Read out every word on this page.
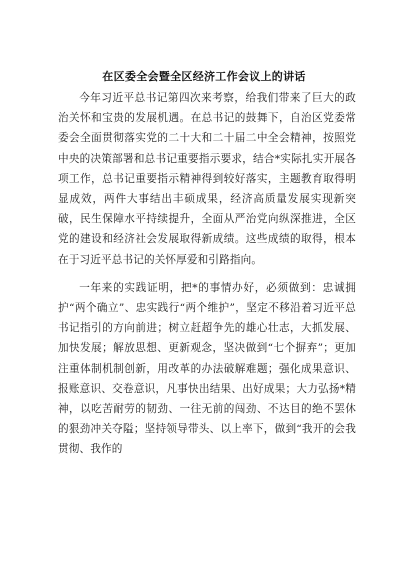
在区委全会暨全区经济工作会议上的讲话

今年习近平总书记第四次来考察，给我们带来了巨大的政治关怀和宝贵的发展机遇。在总书记的鼓舞下，自治区党委常委会全面贯彻落实党的二十大和二十届二中全会精神，按照党中央的决策部署和总书记重要指示要求，结合*实际扎实开展各项工作，总书记重要指示精神得到较好落实，主题教育取得明显成效，两件大事结出丰硕成果，经济高质量发展实现新突破，民生保障水平持续提升，全面从严治党向纵深推进，全区党的建设和经济社会发展取得新成绩。这些成绩的取得，根本在于习近平总书记的关怀厚爱和引路指向。

一年来的实践证明，把*的事情办好，必须做到：忠诚拥护“两个确立”、忠实践行“两个维护”，坚定不移沿着习近平总书记指引的方向前进；树立赶超争先的雄心壮志，大抓发展、加快发展；解放思想、更新观念，坚决做到“七个摒弃”；更加注重体制机制创新，用改革的办法破解难题；强化成果意识、报账意识、交卷意识，凡事快出结果、出好成果；大力弘扬*精神，以吃苦耐劳的韧劲、一往无前的闯劲、不达目的绝不罢休的狠劲冲关夺隘；坚持领导带头、以上率下，做到“我开的会我贯彻、我作的
